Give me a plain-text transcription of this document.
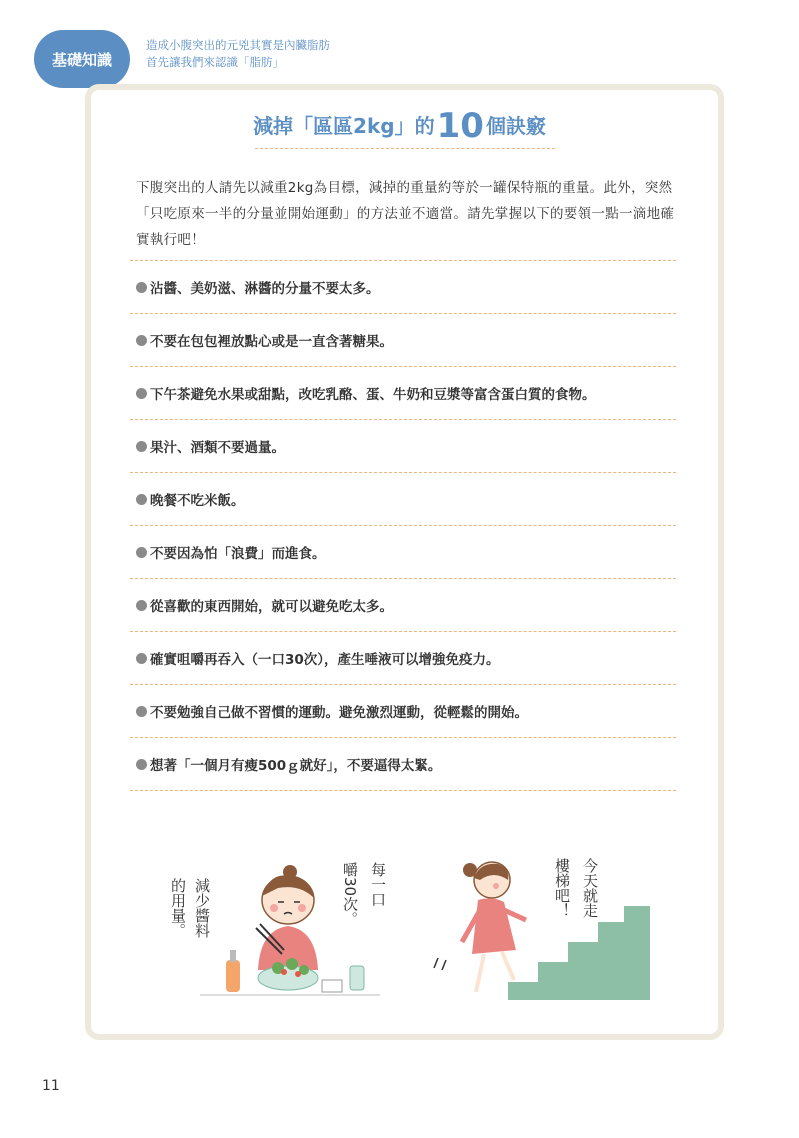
基礎知識
造成小腹突出的元兇其實是內臟脂肪
首先讓我們來認識「脂肪」
減掉「區區2kg」的10 個訣竅
下腹突出的人請先以減重2kg為目標，減掉的重量約等於一罐保特瓶的重量。此外，突然「只吃原來一半的分量並開始運動」的方法並不適當。請先掌握以下的要領一點一滴地確實執行吧！
沾醬、美奶滋、淋醬的分量不要太多。
不要在包包裡放點心或是一直含著糖果。
下午茶避免水果或甜點，改吃乳酪、蛋、牛奶和豆漿等富含蛋白質的食物。
果汁、酒類不要過量。
晚餐不吃米飯。
不要因為怕「浪費」而進食。
從喜歡的東西開始，就可以避免吃太多。
確實咀嚼再吞入（一口30次），產生唾液可以增強免疫力。
不要勉強自己做不習慣的運動。避免激烈運動，從輕鬆的開始。
想著「一個月有瘦500ｇ就好」，不要逼得太緊。
減少醬料
的用量。	每一口
嚼30次。	今天就走
樓梯吧！
11
